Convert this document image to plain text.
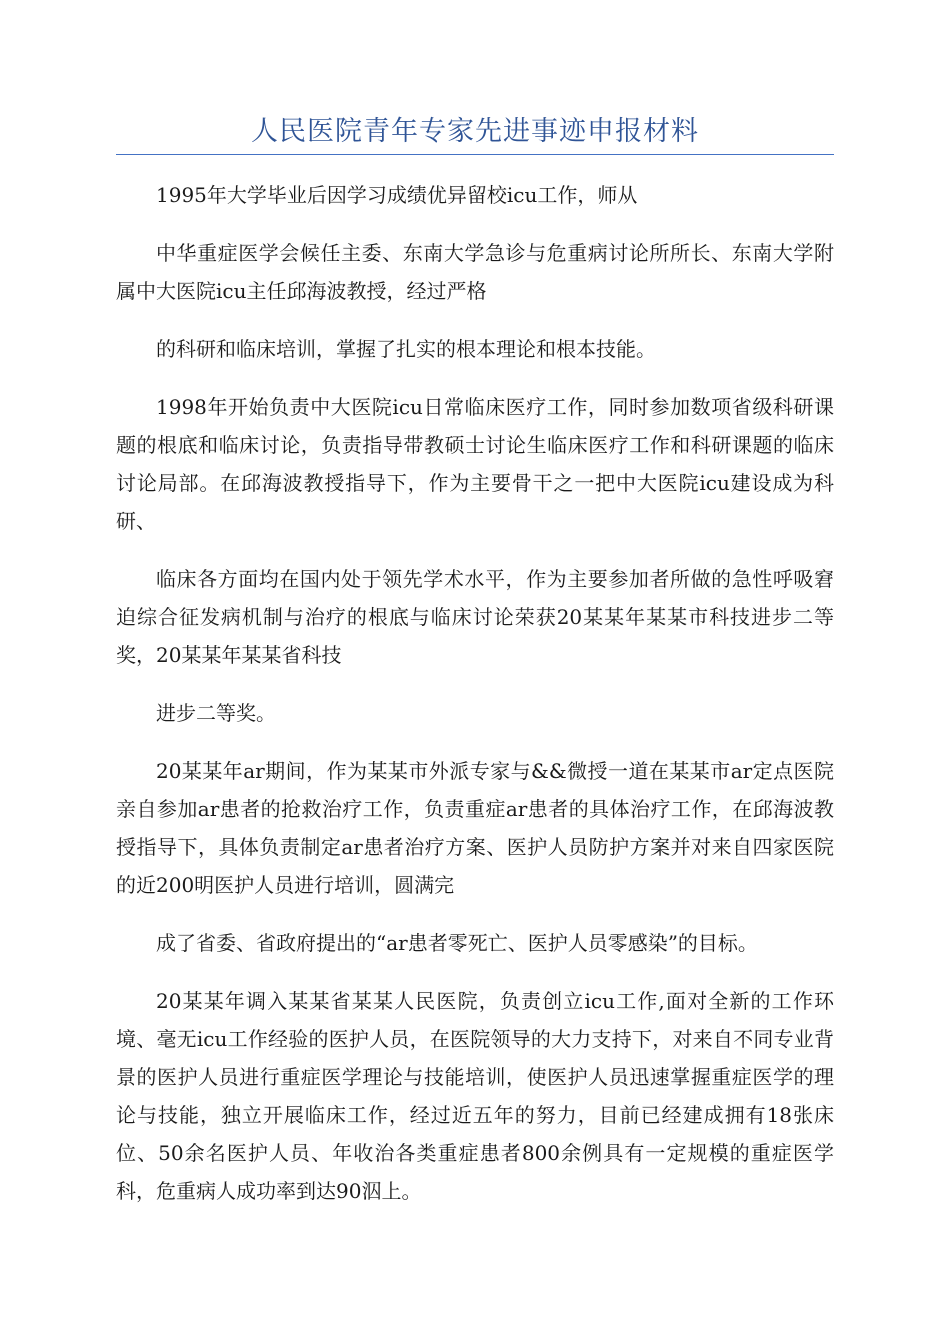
人民医院青年专家先进事迹申报材料

1995年大学毕业后因学习成绩优异留校icu工作，师从

中华重症医学会候任主委、东南大学急诊与危重病讨论所所长、东南大学附属中大医院icu主任邱海波教授，经过严格

的科研和临床培训，掌握了扎实的根本理论和根本技能。

1998年开始负责中大医院icu日常临床医疗工作，同时参加数项省级科研课题的根底和临床讨论，负责指导带教硕士讨论生临床医疗工作和科研课题的临床讨论局部。在邱海波教授指导下，作为主要骨干之一把中大医院icu建设成为科研、

临床各方面均在国内处于领先学术水平，作为主要参加者所做的急性呼吸窘迫综合征发病机制与治疗的根底与临床讨论荣获20某某年某某市科技进步二等奖，20某某年某某省科技

进步二等奖。

20某某年ar期间，作为某某市外派专家与&&微授一道在某某市ar定点医院亲自参加ar患者的抢救治疗工作，负责重症ar患者的具体治疗工作，在邱海波教授指导下，具体负责制定ar患者治疗方案、医护人员防护方案并对来自四家医院的近200明医护人员进行培训，圆满完

成了省委、省政府提出的“ar患者零死亡、医护人员零感染”的目标。

20某某年调入某某省某某人民医院，负责创立icu工作,面对全新的工作环境、毫无icu工作经验的医护人员，在医院领导的大力支持下，对来自不同专业背景的医护人员进行重症医学理论与技能培训，使医护人员迅速掌握重症医学的理论与技能，独立开展临床工作，经过近五年的努力，目前已经建成拥有18张床位、50余名医护人员、年收治各类重症患者800余例具有一定规模的重症医学科，危重病人成功率到达90泅上。
